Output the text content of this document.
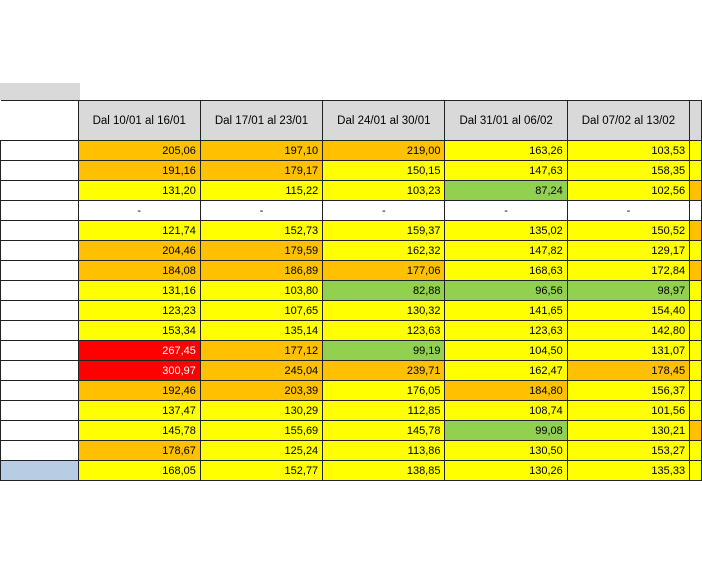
	Dal 10/01 al 16/01	Dal 17/01 al 23/01	Dal 24/01 al 30/01	Dal 31/01 al 06/02	Dal 07/02 al 13/02	
	205,06	197,10	219,00	163,26	103,53	
	191,16	179,17	150,15	147,63	158,35	
	131,20	115,22	103,23	87,24	102,56	
	-	-	-	-	-	
	121,74	152,73	159,37	135,02	150,52	
	204,46	179,59	162,32	147,82	129,17	
	184,08	186,89	177,06	168,63	172,84	
	131,16	103,80	82,88	96,56	98,97	
	123,23	107,65	130,32	141,65	154,40	
	153,34	135,14	123,63	123,63	142,80	
	267,45	177,12	99,19	104,50	131,07	
	300,97	245,04	239,71	162,47	178,45	
	192,46	203,39	176,05	184,80	156,37	
	137,47	130,29	112,85	108,74	101,56	
	145,78	155,69	145,78	99,08	130,21	
	178,67	125,24	113,86	130,50	153,27	
	168,05	152,77	138,85	130,26	135,33	
